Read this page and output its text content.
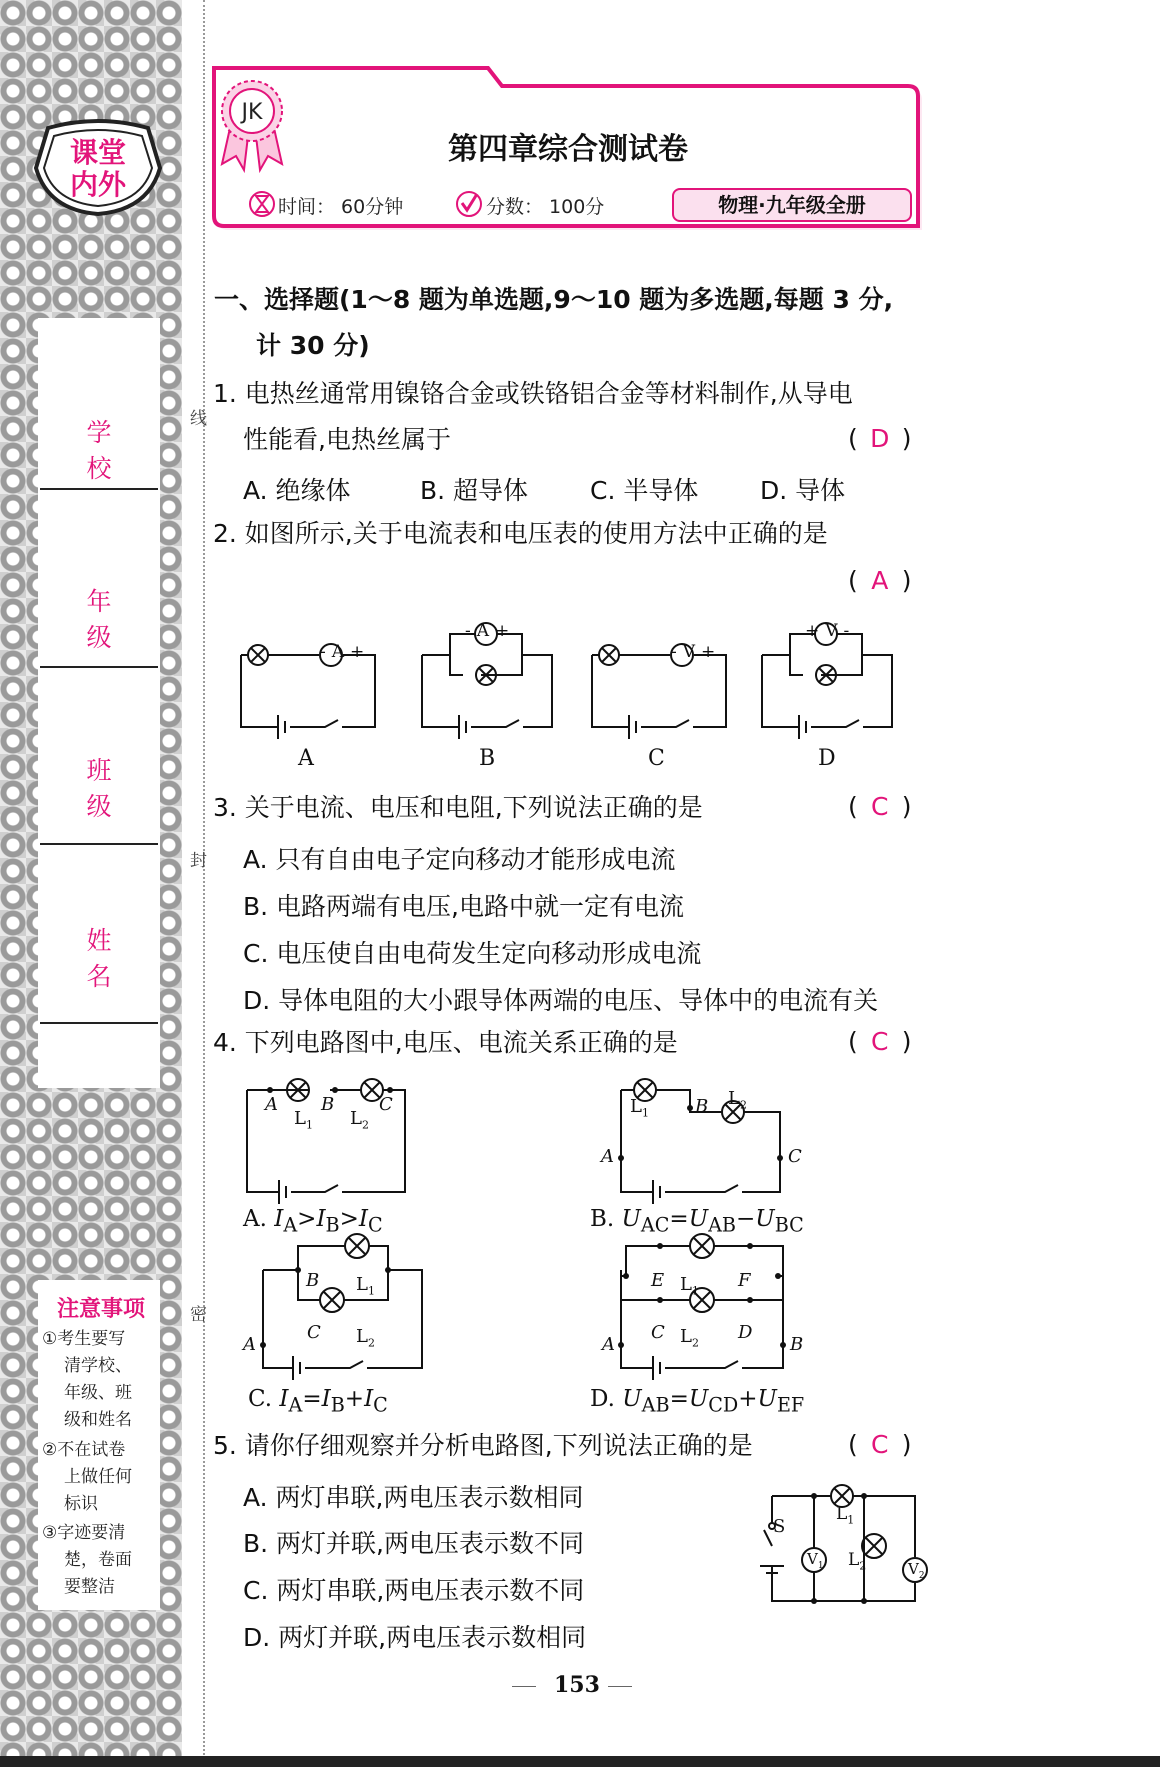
课堂
内外
学校
年级
班级
姓名
注意事项
①考生要写
清学校、
年级、班
级和姓名
②不在试卷
上做任何
标识
③字迹要清
楚，卷面
要整洁
线
封
密
JK
第四章综合测试卷
时间： 60分钟	分数： 100分	物理·九年级全册
一、选择题(1～8 题为单选题,9～10 题为多选题,每题 3 分,
计 30 分)
1. 电热丝通常用镍铬合金或铁铬铝合金等材料制作,从导电
性能看,电热丝属于	( D )
A. 绝缘体	B. 超导体 C. 半导体 D. 导体
2. 如图所示,关于电流表和电压表的使用方法中正确的是
( A )
- A +
- A +
- V +
+ V -
A	B	C	D
3. 关于电流、电压和电阻,下列说法正确的是	( C )
A. 只有自由电子定向移动才能形成电流
B. 电路两端有电压,电路中就一定有电流
C. 电压使自由电荷发生定向移动形成电流
D. 导体电阻的大小跟导体两端的电压、导体中的电流有关
4. 下列电路图中,电压、电流关系正确的是	( C )
A
$L_1$
B
$L_2$
C	$L_1$	B $L_2$
A	C
A. $I_A>I_B>I_C$	B. $U_{AC}=U_{AB}-U_{BC}$
B $L_1$
C $L_2$
A
E $L_1$
F
C $L_2$
D
A	B
C. $I_A=I_B+I_C$	D. $U_{AB}=U_{CD}+U_{EF}$
5. 请你仔细观察并分析电路图,下列说法正确的是	( C )
A. 两灯串联,两电压表示数相同
B. 两灯并联,两电压表示数不同
C. 两灯串联,两电压表示数不同
D. 两灯并联,两电压表示数相同
S
$L_1$
$L_2$
$V_1$	$V_2$
153
